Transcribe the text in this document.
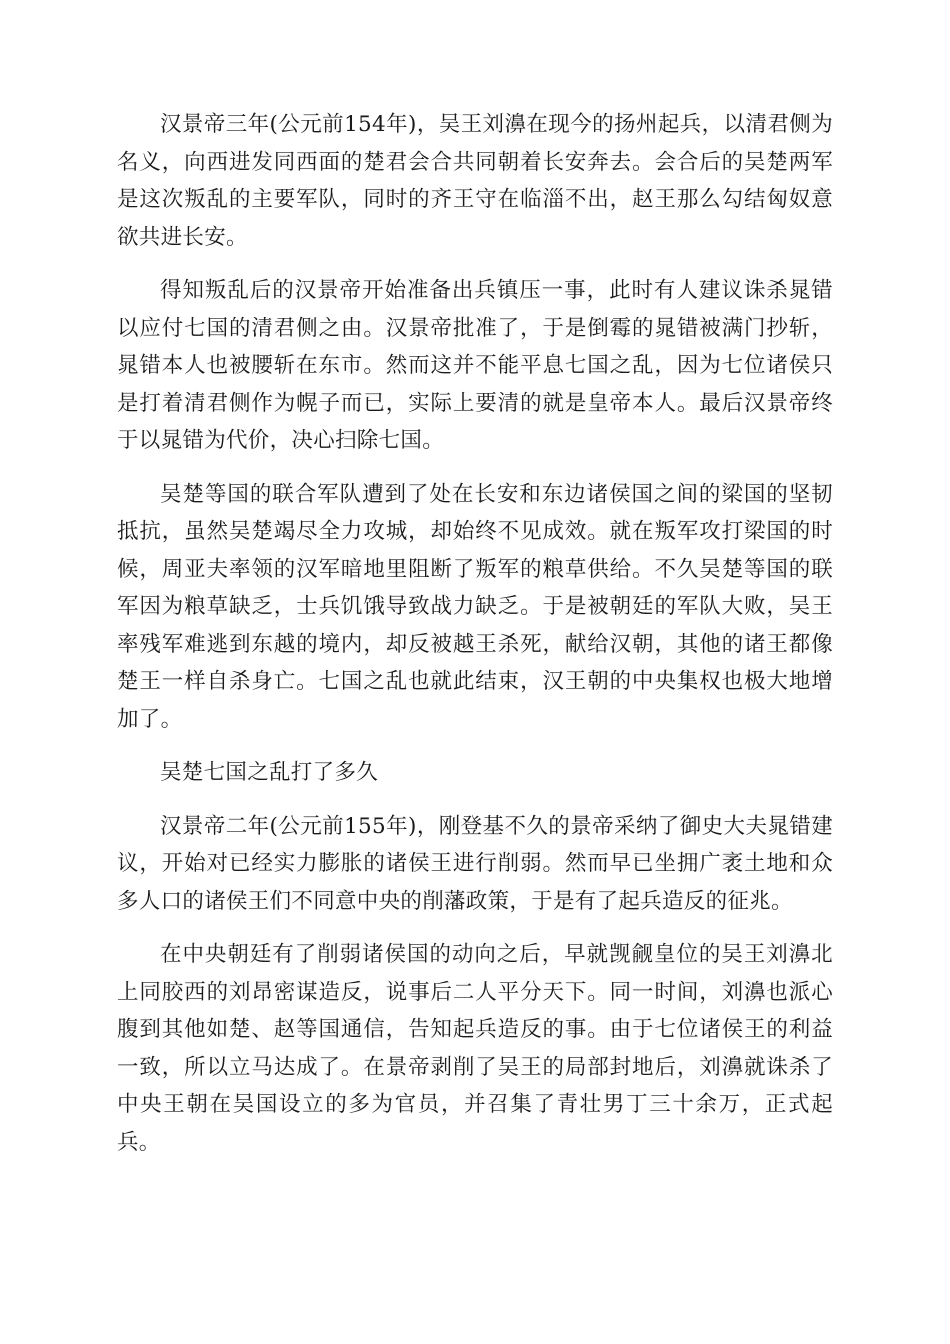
汉景帝三年(公元前154年)，吴王刘濞在现今的扬州起兵，以清君侧为名义，向西进发同西面的楚君会合共同朝着长安奔去。会合后的吴楚两军是这次叛乱的主要军队，同时的齐王守在临淄不出，赵王那么勾结匈奴意欲共进长安。

得知叛乱后的汉景帝开始准备出兵镇压一事，此时有人建议诛杀晁错以应付七国的清君侧之由。汉景帝批准了，于是倒霉的晁错被满门抄斩，晁错本人也被腰斩在东市。然而这并不能平息七国之乱，因为七位诸侯只是打着清君侧作为幌子而已，实际上要清的就是皇帝本人。最后汉景帝终于以晁错为代价，决心扫除七国。

吴楚等国的联合军队遭到了处在长安和东边诸侯国之间的梁国的坚韧抵抗，虽然吴楚竭尽全力攻城，却始终不见成效。就在叛军攻打梁国的时候，周亚夫率领的汉军暗地里阻断了叛军的粮草供给。不久吴楚等国的联军因为粮草缺乏，士兵饥饿导致战力缺乏。于是被朝廷的军队大败，吴王率残军难逃到东越的境内，却反被越王杀死，献给汉朝，其他的诸王都像楚王一样自杀身亡。七国之乱也就此结束，汉王朝的中央集权也极大地增加了。

吴楚七国之乱打了多久

汉景帝二年(公元前155年)，刚登基不久的景帝采纳了御史大夫晁错建议，开始对已经实力膨胀的诸侯王进行削弱。然而早已坐拥广袤土地和众多人口的诸侯王们不同意中央的削藩政策，于是有了起兵造反的征兆。

在中央朝廷有了削弱诸侯国的动向之后，早就觊觎皇位的吴王刘濞北上同胶西的刘昂密谋造反，说事后二人平分天下。同一时间，刘濞也派心腹到其他如楚、赵等国通信，告知起兵造反的事。由于七位诸侯王的利益一致，所以立马达成了。在景帝剥削了吴王的局部封地后，刘濞就诛杀了中央王朝在吴国设立的多为官员，并召集了青壮男丁三十余万，正式起兵。
